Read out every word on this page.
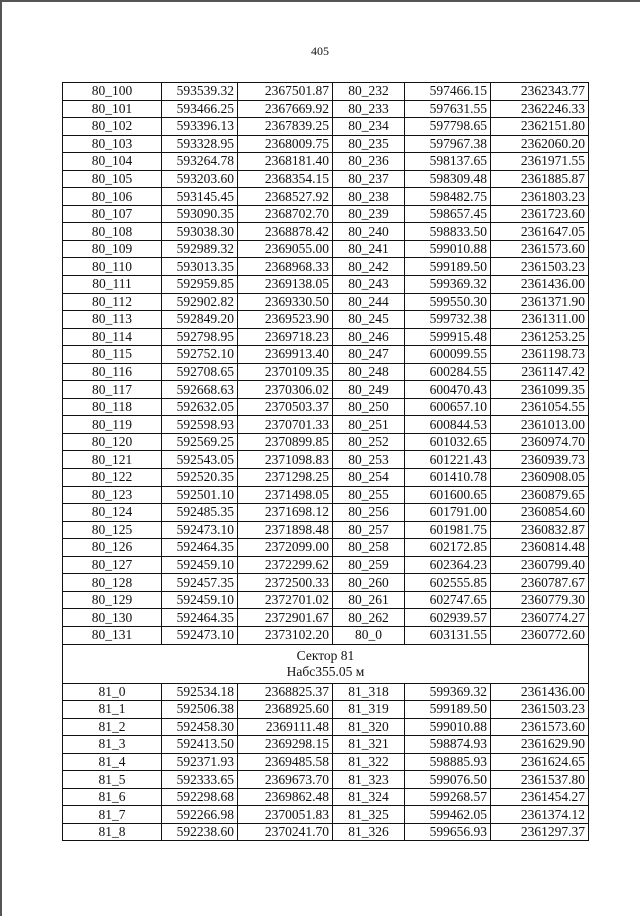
405
80_100	593539.32	2367501.87	80_232	597466.15	2362343.77
80_101	593466.25	2367669.92	80_233	597631.55	2362246.33
80_102	593396.13	2367839.25	80_234	597798.65	2362151.80
80_103	593328.95	2368009.75	80_235	597967.38	2362060.20
80_104	593264.78	2368181.40	80_236	598137.65	2361971.55
80_105	593203.60	2368354.15	80_237	598309.48	2361885.87
80_106	593145.45	2368527.92	80_238	598482.75	2361803.23
80_107	593090.35	2368702.70	80_239	598657.45	2361723.60
80_108	593038.30	2368878.42	80_240	598833.50	2361647.05
80_109	592989.32	2369055.00	80_241	599010.88	2361573.60
80_110	593013.35	2368968.33	80_242	599189.50	2361503.23
80_111	592959.85	2369138.05	80_243	599369.32	2361436.00
80_112	592902.82	2369330.50	80_244	599550.30	2361371.90
80_113	592849.20	2369523.90	80_245	599732.38	2361311.00
80_114	592798.95	2369718.23	80_246	599915.48	2361253.25
80_115	592752.10	2369913.40	80_247	600099.55	2361198.73
80_116	592708.65	2370109.35	80_248	600284.55	2361147.42
80_117	592668.63	2370306.02	80_249	600470.43	2361099.35
80_118	592632.05	2370503.37	80_250	600657.10	2361054.55
80_119	592598.93	2370701.33	80_251	600844.53	2361013.00
80_120	592569.25	2370899.85	80_252	601032.65	2360974.70
80_121	592543.05	2371098.83	80_253	601221.43	2360939.73
80_122	592520.35	2371298.25	80_254	601410.78	2360908.05
80_123	592501.10	2371498.05	80_255	601600.65	2360879.65
80_124	592485.35	2371698.12	80_256	601791.00	2360854.60
80_125	592473.10	2371898.48	80_257	601981.75	2360832.87
80_126	592464.35	2372099.00	80_258	602172.85	2360814.48
80_127	592459.10	2372299.62	80_259	602364.23	2360799.40
80_128	592457.35	2372500.33	80_260	602555.85	2360787.67
80_129	592459.10	2372701.02	80_261	602747.65	2360779.30
80_130	592464.35	2372901.67	80_262	602939.57	2360774.27
80_131	592473.10	2373102.20	80_0	603131.55	2360772.60

Сектор 81
Набс355.05 м					

81_0	592534.18	2368825.37	81_318	599369.32	2361436.00
81_1	592506.38	2368925.60	81_319	599189.50	2361503.23
81_2	592458.30	2369111.48	81_320	599010.88	2361573.60
81_3	592413.50	2369298.15	81_321	598874.93	2361629.90
81_4	592371.93	2369485.58	81_322	598885.93	2361624.65
81_5	592333.65	2369673.70	81_323	599076.50	2361537.80
81_6	592298.68	2369862.48	81_324	599268.57	2361454.27
81_7	592266.98	2370051.83	81_325	599462.05	2361374.12
81_8	592238.60	2370241.70	81_326	599656.93	2361297.37
